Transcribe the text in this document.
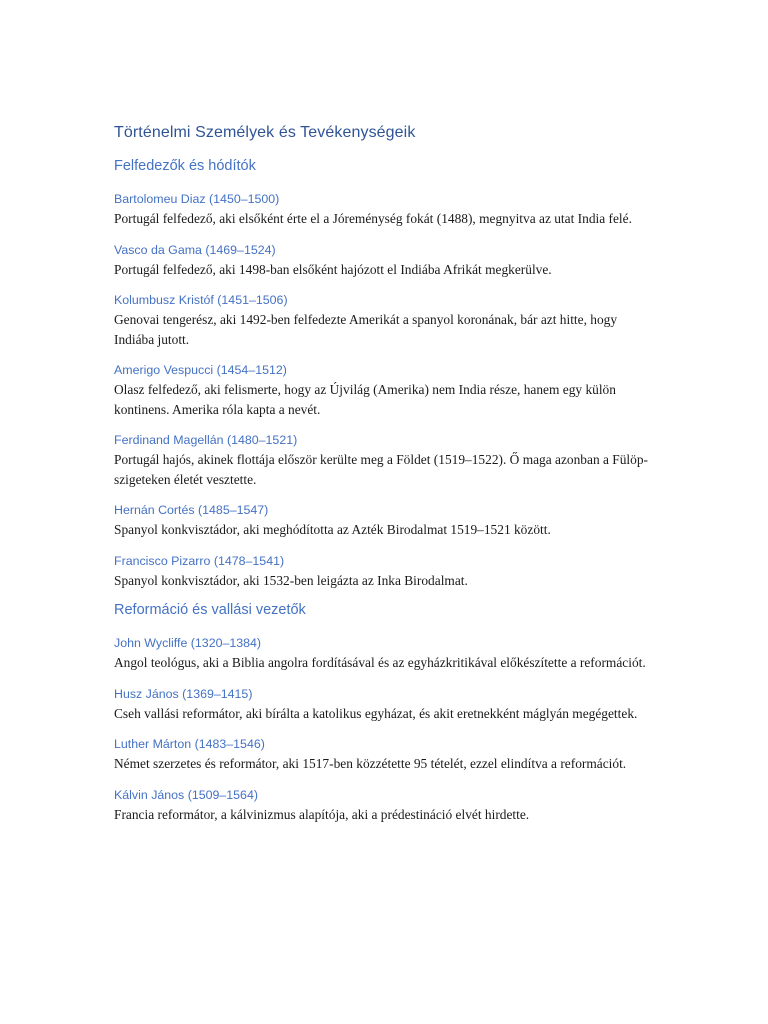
Történelmi Személyek és Tevékenységeik
Felfedezők és hódítók

Bartolomeu Diaz (1450–1500)

Portugál felfedező, aki elsőként érte el a Jóreménység fokát (1488), megnyitva az utat India felé.

Vasco da Gama (1469–1524)

Portugál felfedező, aki 1498-ban elsőként hajózott el Indiába Afrikát megkerülve.

Kolumbusz Kristóf (1451–1506)

Genovai tengerész, aki 1492-ben felfedezte Amerikát a spanyol koronának, bár azt hitte, hogy Indiába jutott.

Amerigo Vespucci (1454–1512)

Olasz felfedező, aki felismerte, hogy az Újvilág (Amerika) nem India része, hanem egy külön kontinens. Amerika róla kapta a nevét.

Ferdinand Magellán (1480–1521)

Portugál hajós, akinek flottája először kerülte meg a Földet (1519–1522). Ő maga azonban a Fülöp-szigeteken életét vesztette.

Hernán Cortés (1485–1547)

Spanyol konkvisztádor, aki meghódította az Azték Birodalmat 1519–1521 között.

Francisco Pizarro (1478–1541)

Spanyol konkvisztádor, aki 1532-ben leigázta az Inka Birodalmat.

Reformáció és vallási vezetők

John Wycliffe (1320–1384)

Angol teológus, aki a Biblia angolra fordításával és az egyházkritikával előkészítette a reformációt.

Husz János (1369–1415)

Cseh vallási reformátor, aki bírálta a katolikus egyházat, és akit eretnekként máglyán megégettek.

Luther Márton (1483–1546)

Német szerzetes és reformátor, aki 1517-ben közzétette 95 tételét, ezzel elindítva a reformációt.

Kálvin János (1509–1564)

Francia reformátor, a kálvinizmus alapítója, aki a prédestináció elvét hirdette.
